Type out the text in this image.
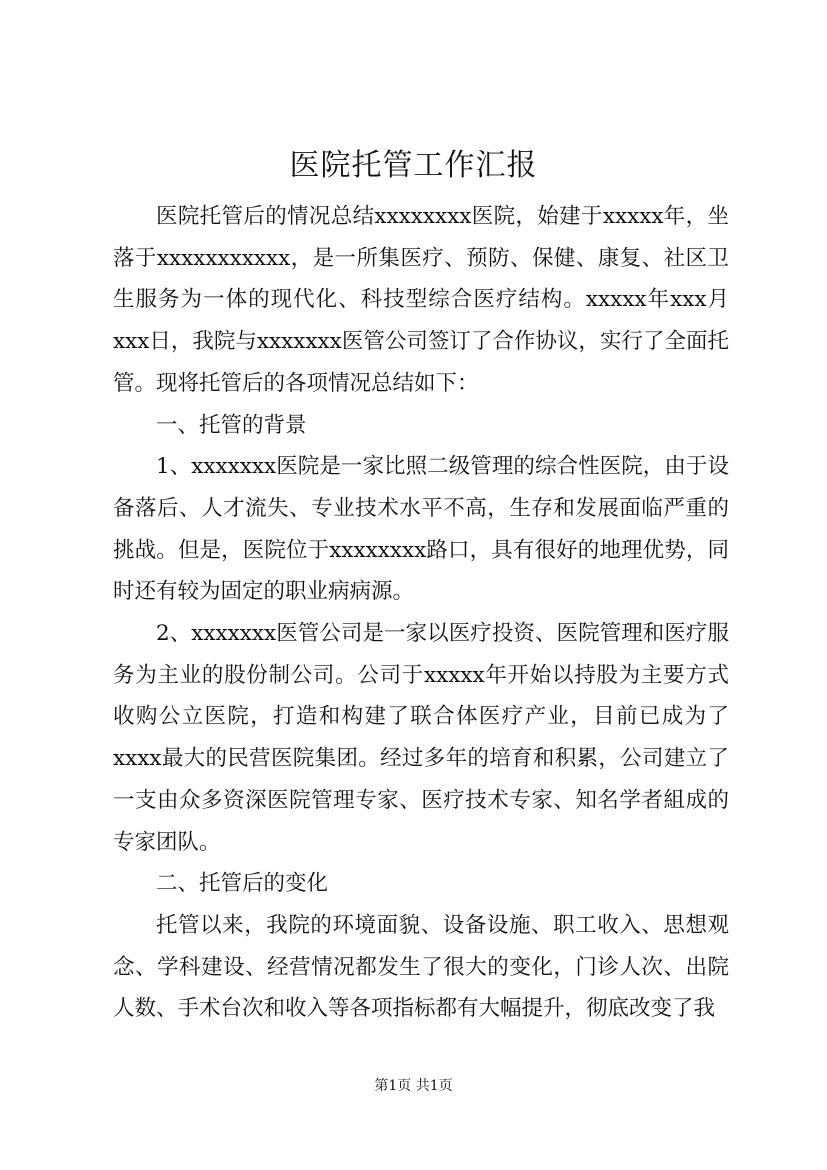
医院托管工作汇报

医院托管后的情况总结xxxxxxxx医院，始建于xxxxx年，坐落于xxxxxxxxxxx，是一所集医疗、预防、保健、康复、社区卫生服务为一体的现代化、科技型综合医疗结构。xxxxx年xxx月xxx日，我院与xxxxxxx医管公司签订了合作协议，实行了全面托管。现将托管后的各项情况总结如下：

一、托管的背景

1、xxxxxxx医院是一家比照二级管理的综合性医院，由于设备落后、人才流失、专业技术水平不高，生存和发展面临严重的挑战。但是，医院位于xxxxxxxx路口，具有很好的地理优势，同时还有较为固定的职业病病源。

2、xxxxxxx医管公司是一家以医疗投资、医院管理和医疗服务为主业的股份制公司。公司于xxxxx年开始以持股为主要方式收购公立医院，打造和构建了联合体医疗产业，目前已成为了xxxx最大的民营医院集团。经过多年的培育和积累，公司建立了一支由众多资深医院管理专家、医疗技术专家、知名学者組成的专家团队。

二、托管后的变化

托管以来，我院的环境面貌、设备设施、职工收入、思想观念、学科建设、经营情况都发生了很大的变化，门诊人次、出院人数、手术台次和收入等各项指标都有大幅提升，彻底改变了我

第1页 共1页
